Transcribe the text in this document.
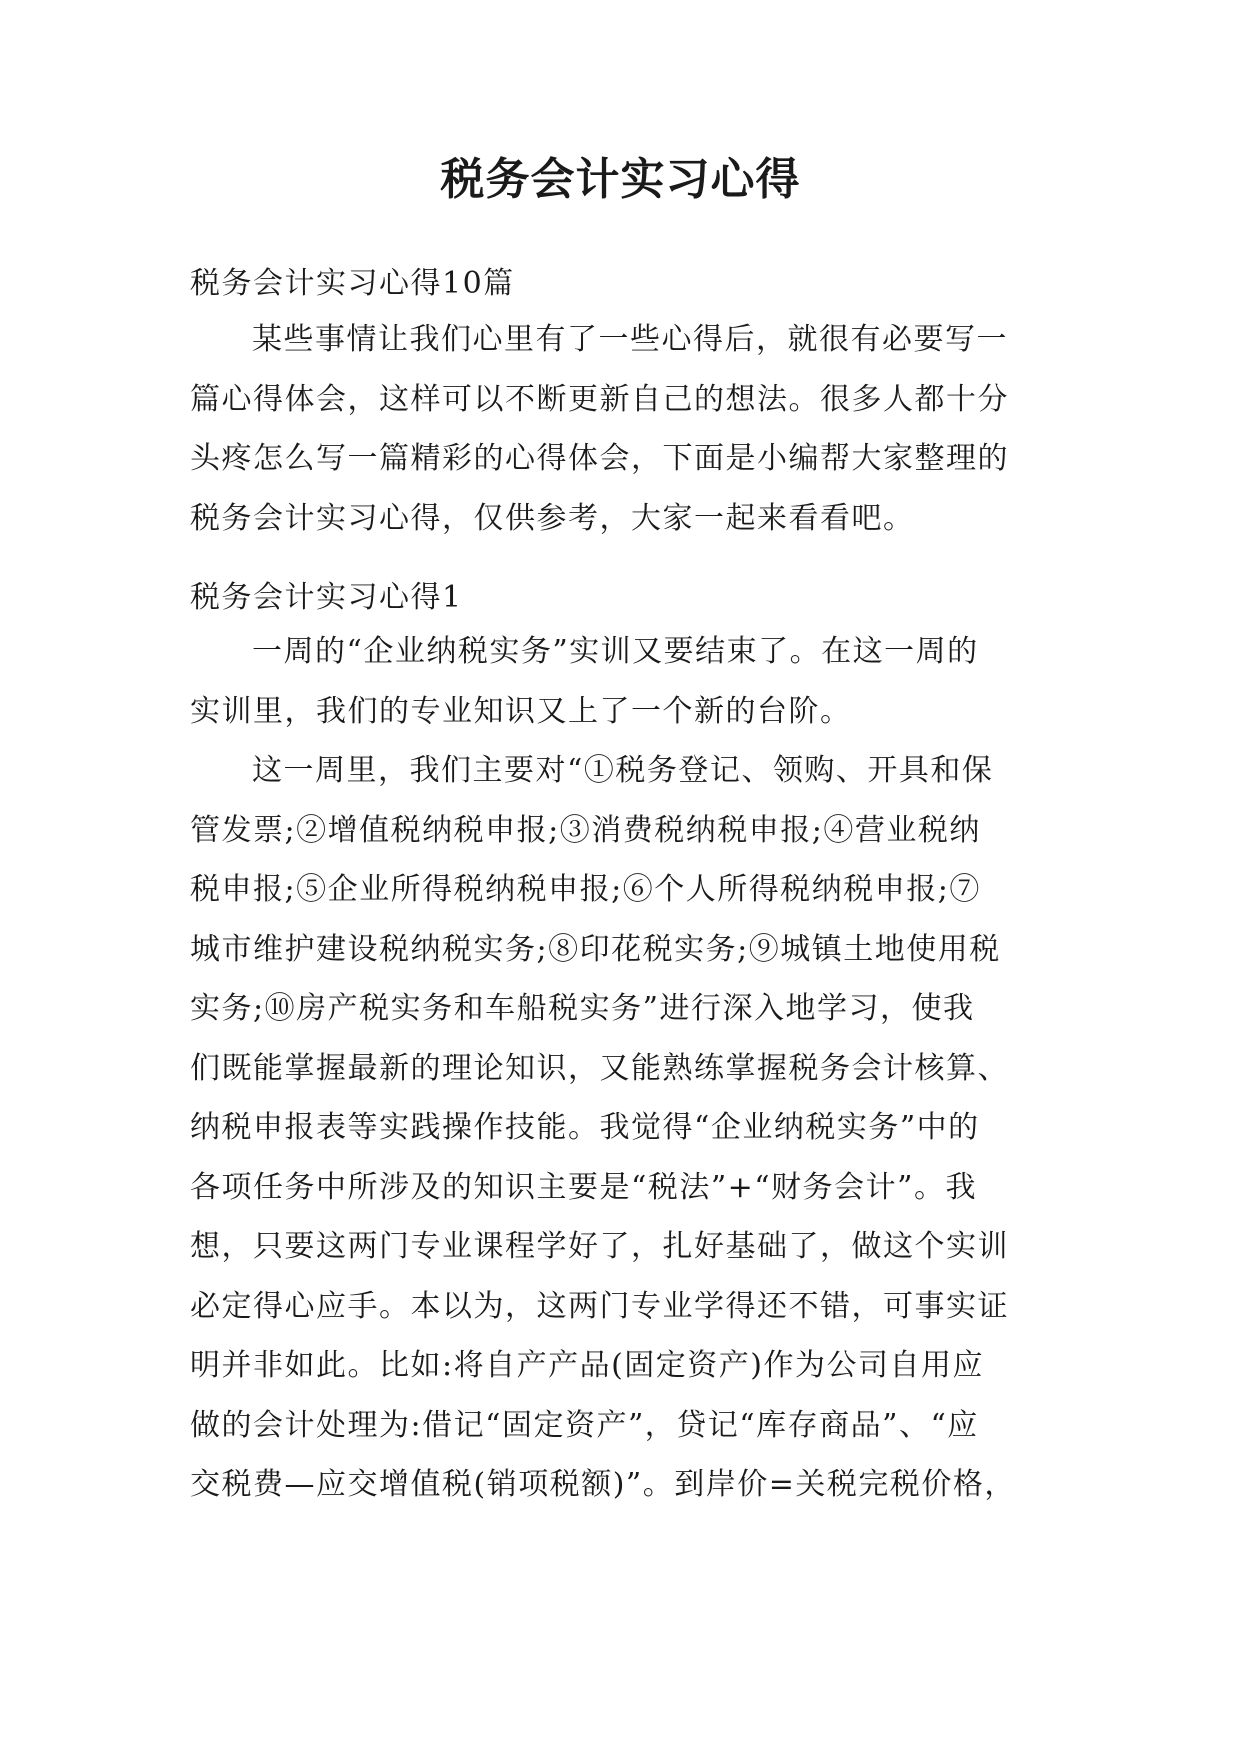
税务会计实习心得
税务会计实习心得10篇
某些事情让我们心里有了一些心得后，就很有必要写一
篇心得体会，这样可以不断更新自己的想法。很多人都十分
头疼怎么写一篇精彩的心得体会，下面是小编帮大家整理的
税务会计实习心得，仅供参考，大家一起来看看吧。
税务会计实习心得1
一周的“企业纳税实务”实训又要结束了。在这一周的
实训里，我们的专业知识又上了一个新的台阶。
这一周里，我们主要对“①税务登记、领购、开具和保
管发票;②增值税纳税申报;③消费税纳税申报;④营业税纳
税申报;⑤企业所得税纳税申报;⑥个人所得税纳税申报;⑦
城市维护建设税纳税实务;⑧印花税实务;⑨城镇土地使用税
实务;⑩房产税实务和车船税实务”进行深入地学习，使我
们既能掌握最新的理论知识，又能熟练掌握税务会计核算、
纳税申报表等实践操作技能。我觉得“企业纳税实务”中的
各项任务中所涉及的知识主要是“税法”+“财务会计”。我
想，只要这两门专业课程学好了，扎好基础了，做这个实训
必定得心应手。本以为，这两门专业学得还不错，可事实证
明并非如此。比如:将自产产品(固定资产)作为公司自用应
做的会计处理为:借记“固定资产”，贷记“库存商品”、“应
交税费—应交增值税(销项税额)”。到岸价=关税完税价格，
